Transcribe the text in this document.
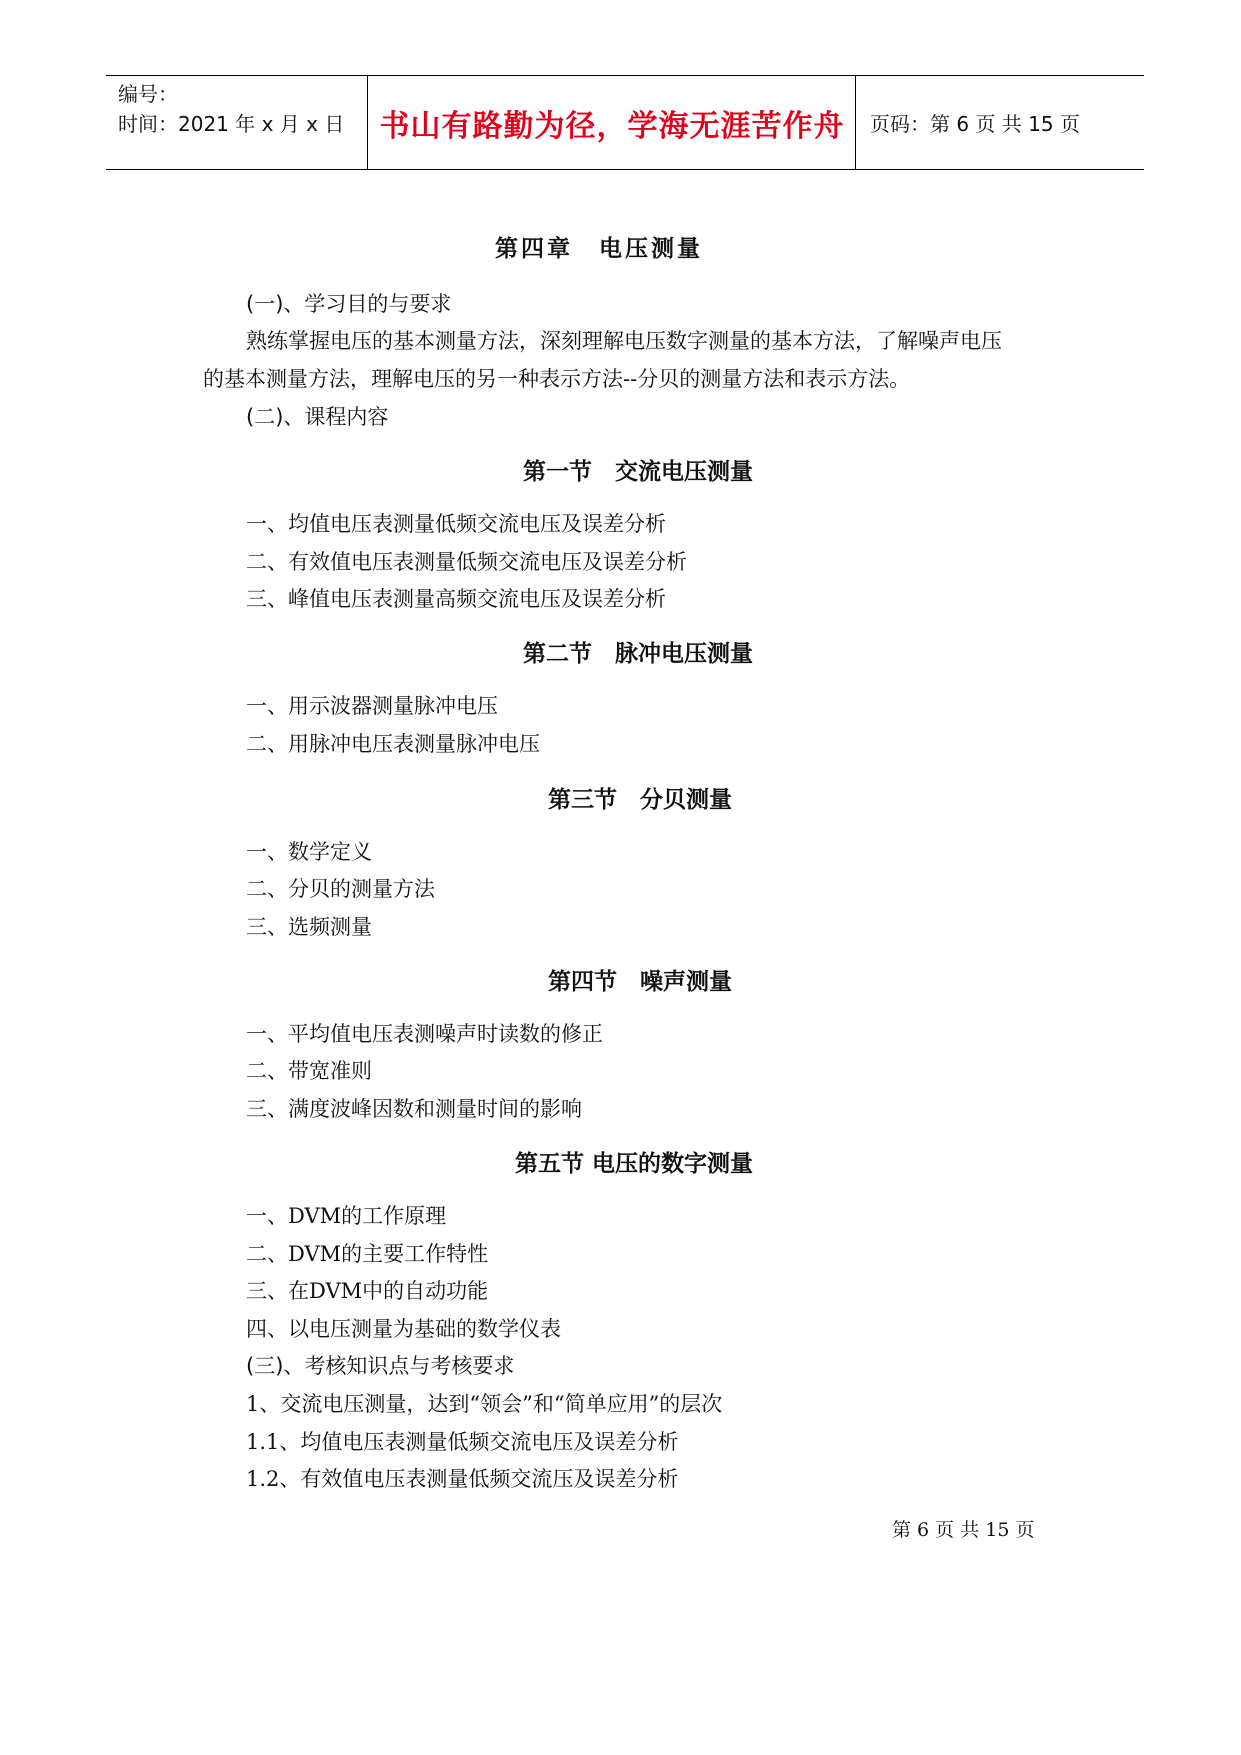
编号：
时间：2021 年 x 月 x 日	书山有路勤为径，学海无涯苦作舟	页码：第 6 页 共 15 页
第四章　电压测量
(一)、学习目的与要求
熟练掌握电压的基本测量方法，深刻理解电压数字测量的基本方法，了解噪声电压
的基本测量方法，理解电压的另一种表示方法--分贝的测量方法和表示方法。
(二)、课程内容
第一节　交流电压测量
一、均值电压表测量低频交流电压及误差分析
二、有效值电压表测量低频交流电压及误差分析
三、峰值电压表测量高频交流电压及误差分析
第二节　脉冲电压测量
一、用示波器测量脉冲电压
二、用脉冲电压表测量脉冲电压
第三节　分贝测量
一、数学定义
二、分贝的测量方法
三、选频测量
第四节　噪声测量
一、平均值电压表测噪声时读数的修正
二、带宽准则
三、满度波峰因数和测量时间的影响
第五节 电压的数字测量
一、DVM的工作原理
二、DVM的主要工作特性
三、在DVM中的自动功能
四、以电压测量为基础的数学仪表
(三)、考核知识点与考核要求
1、交流电压测量，达到“领会”和“简单应用”的层次
1.1、均值电压表测量低频交流电压及误差分析
1.2、有效值电压表测量低频交流压及误差分析
第 6 页 共 15 页
